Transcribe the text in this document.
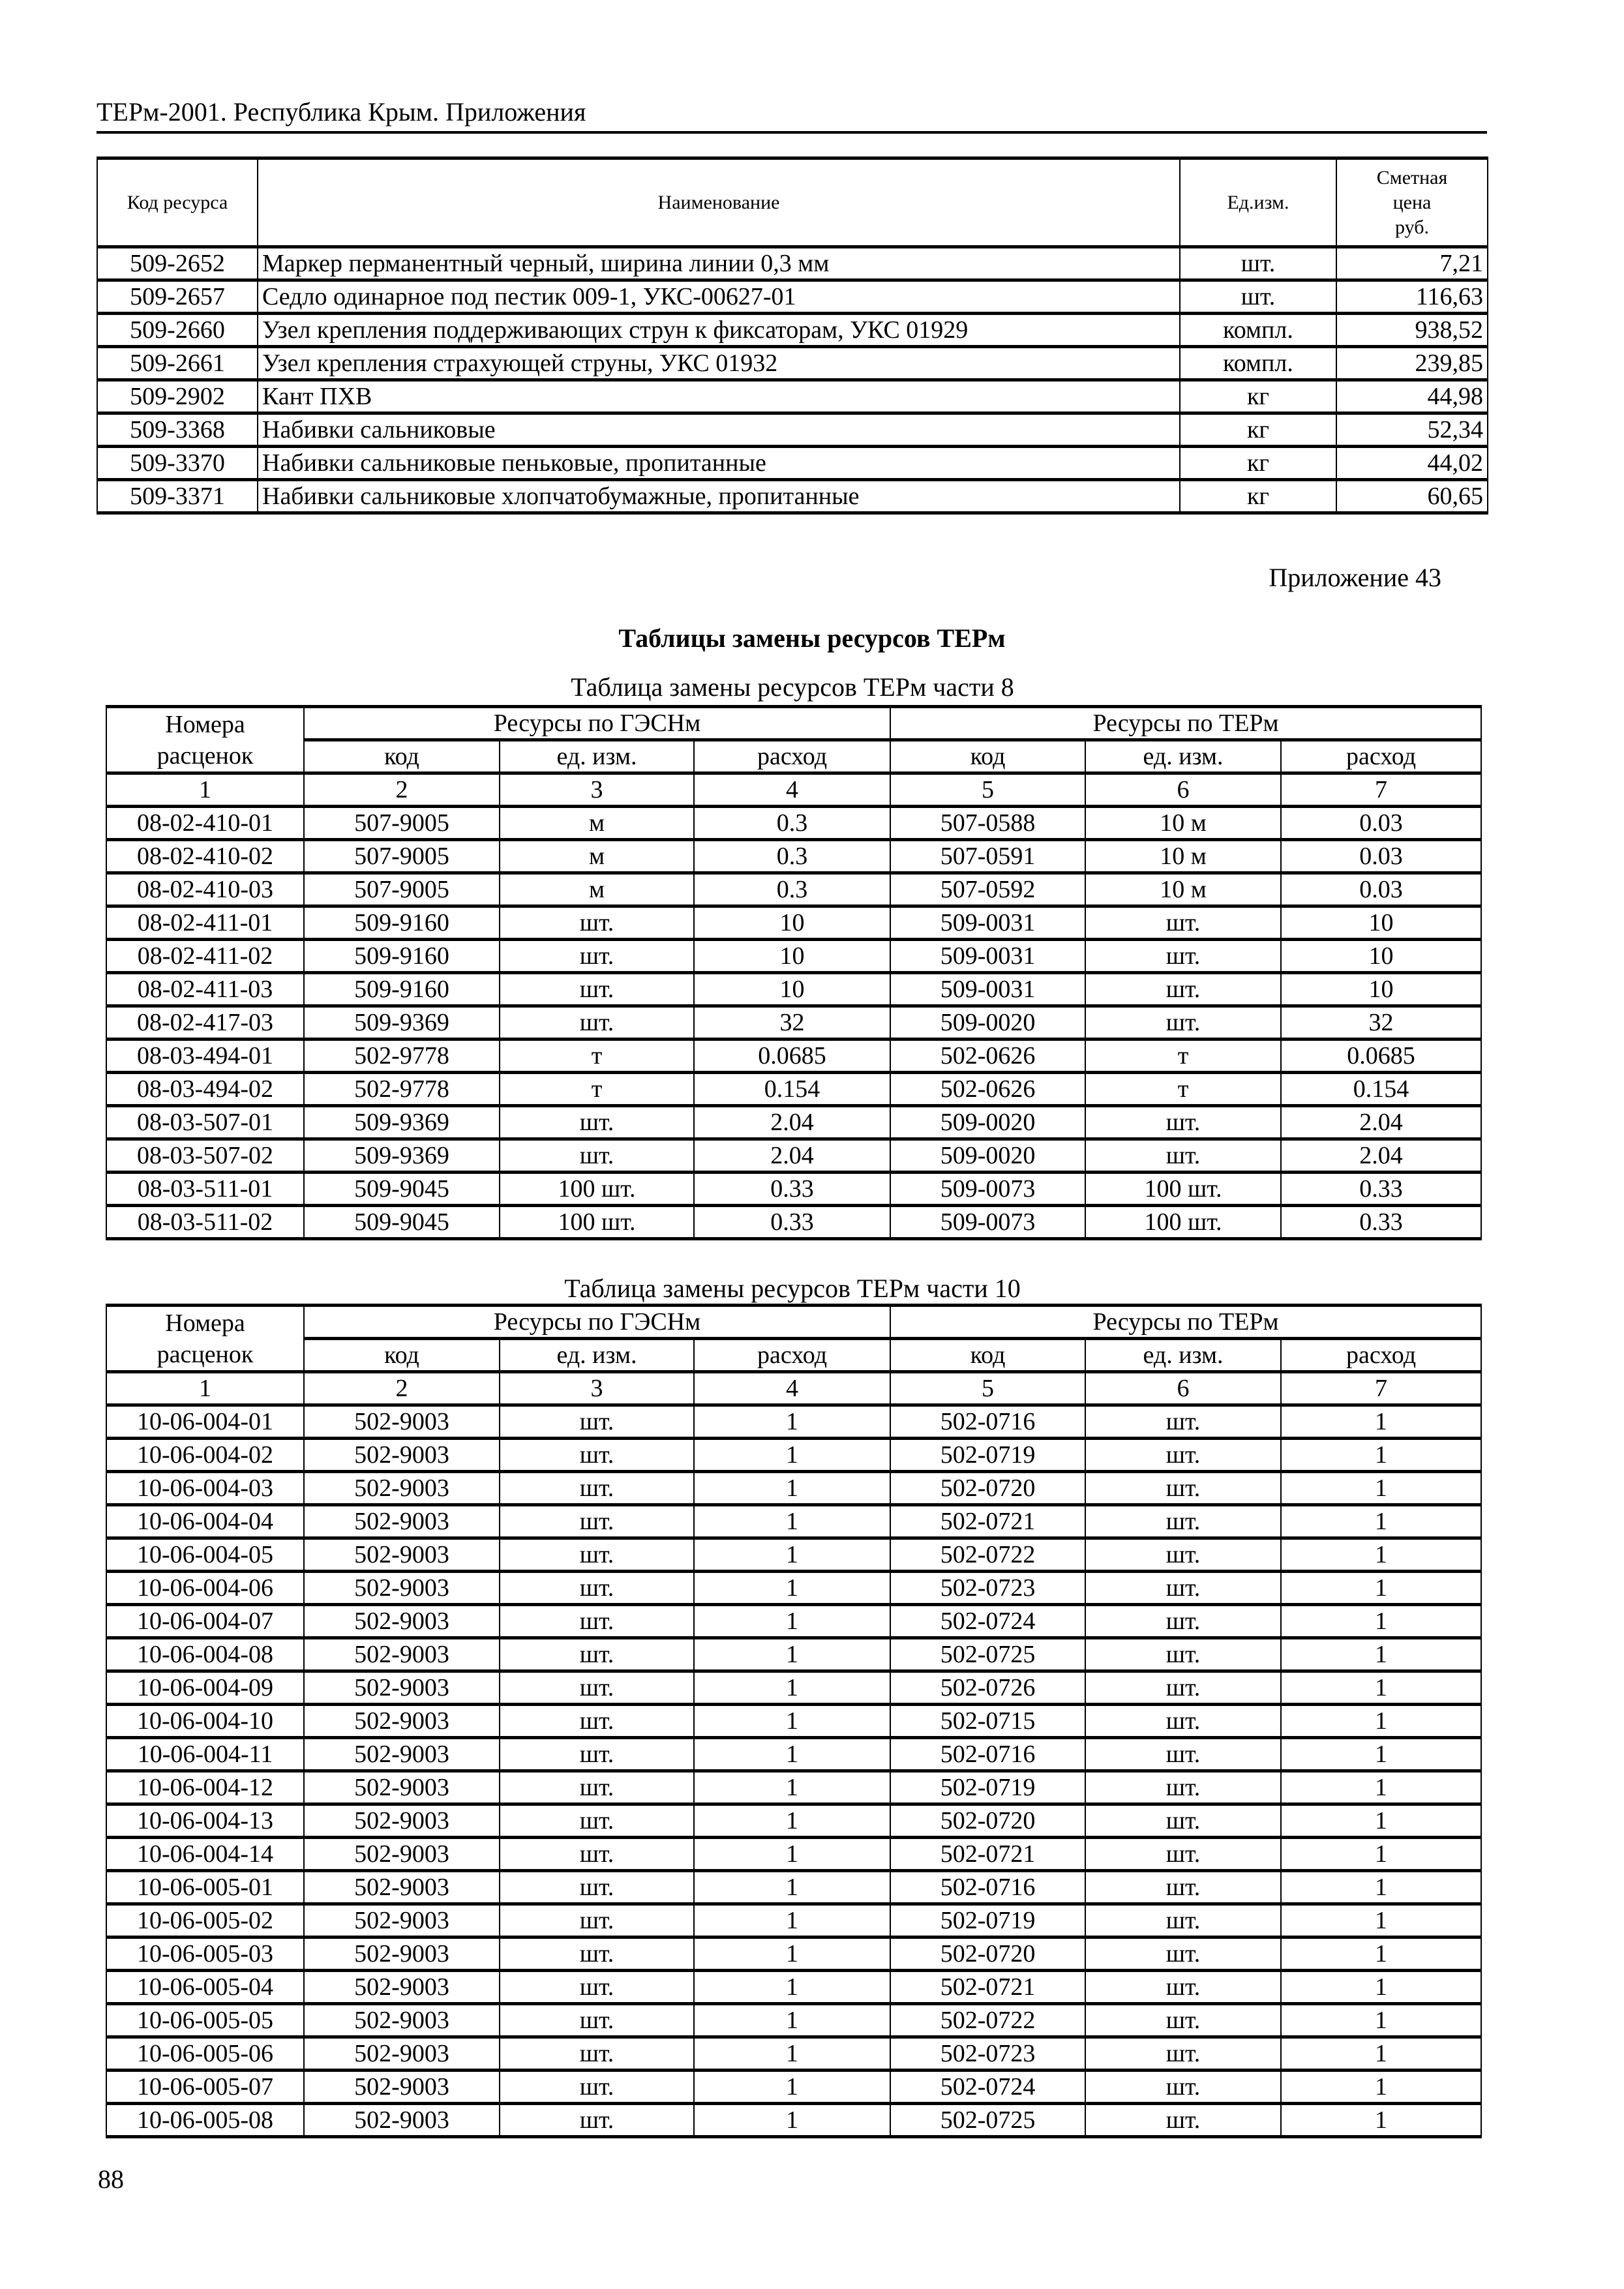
ТЕРм-2001. Республика Крым. Приложения
Код ресурса	Наименование	Ед.изм.	Сметная
цена
руб.

509-2652	Маркер перманентный черный, ширина линии 0,3 мм	шт.	7,21
509-2657	Седло одинарное под пестик 009-1, УКС-00627-01	шт.	116,63
509-2660	Узел крепления поддерживающих струн к фиксаторам, УКС 01929	компл.	938,52
509-2661	Узел крепления страхующей струны, УКС 01932	компл.	239,85
509-2902	Кант ПХВ	кг	44,98
509-3368	Набивки сальниковые	кг	52,34
509-3370	Набивки сальниковые пеньковые, пропитанные	кг	44,02
509-3371	Набивки сальниковые хлопчатобумажные, пропитанные	кг	60,65
Приложение 43
Таблицы замены ресурсов ТЕРм
Таблица замены ресурсов ТЕРм части 8
Номера
расценок	Ресурсы по ГЭСНм			Ресурсы по ТЕРм		
	код	ед. изм.	расход	код	ед. изм.	расход
1	2	3	4	5	6	7
08-02-410-01	507-9005	м	0.3	507-0588	10 м	0.03
08-02-410-02	507-9005	м	0.3	507-0591	10 м	0.03
08-02-410-03	507-9005	м	0.3	507-0592	10 м	0.03
08-02-411-01	509-9160	шт.	10	509-0031	шт.	10
08-02-411-02	509-9160	шт.	10	509-0031	шт.	10
08-02-411-03	509-9160	шт.	10	509-0031	шт.	10
08-02-417-03	509-9369	шт.	32	509-0020	шт.	32
08-03-494-01	502-9778	т	0.0685	502-0626	т	0.0685
08-03-494-02	502-9778	т	0.154	502-0626	т	0.154
08-03-507-01	509-9369	шт.	2.04	509-0020	шт.	2.04
08-03-507-02	509-9369	шт.	2.04	509-0020	шт.	2.04
08-03-511-01	509-9045	100 шт.	0.33	509-0073	100 шт.	0.33
08-03-511-02	509-9045	100 шт.	0.33	509-0073	100 шт.	0.33
Таблица замены ресурсов ТЕРм части 10
Номера
расценок	Ресурсы по ГЭСНм			Ресурсы по ТЕРм		
	код	ед. изм.	расход	код	ед. изм.	расход
1	2	3	4	5	6	7
10-06-004-01	502-9003	шт.	1	502-0716	шт.	1
10-06-004-02	502-9003	шт.	1	502-0719	шт.	1
10-06-004-03	502-9003	шт.	1	502-0720	шт.	1
10-06-004-04	502-9003	шт.	1	502-0721	шт.	1
10-06-004-05	502-9003	шт.	1	502-0722	шт.	1
10-06-004-06	502-9003	шт.	1	502-0723	шт.	1
10-06-004-07	502-9003	шт.	1	502-0724	шт.	1
10-06-004-08	502-9003	шт.	1	502-0725	шт.	1
10-06-004-09	502-9003	шт.	1	502-0726	шт.	1
10-06-004-10	502-9003	шт.	1	502-0715	шт.	1
10-06-004-11	502-9003	шт.	1	502-0716	шт.	1
10-06-004-12	502-9003	шт.	1	502-0719	шт.	1
10-06-004-13	502-9003	шт.	1	502-0720	шт.	1
10-06-004-14	502-9003	шт.	1	502-0721	шт.	1
10-06-005-01	502-9003	шт.	1	502-0716	шт.	1
10-06-005-02	502-9003	шт.	1	502-0719	шт.	1
10-06-005-03	502-9003	шт.	1	502-0720	шт.	1
10-06-005-04	502-9003	шт.	1	502-0721	шт.	1
10-06-005-05	502-9003	шт.	1	502-0722	шт.	1
10-06-005-06	502-9003	шт.	1	502-0723	шт.	1
10-06-005-07	502-9003	шт.	1	502-0724	шт.	1
10-06-005-08	502-9003	шт.	1	502-0725	шт.	1
88
